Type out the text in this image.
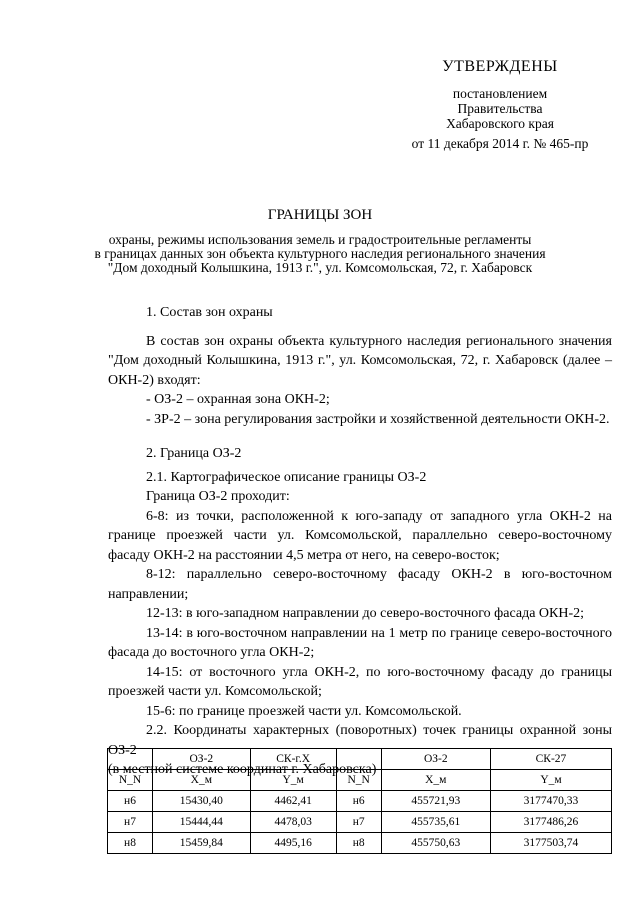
УТВЕРЖДЕНЫ
постановлением
Правительства
Хабаровского края
от 11 декабря 2014 г. № 465-пр
ГРАНИЦЫ ЗОН
охраны, режимы использования земель и градостроительные регламенты
в границах данных зон объекта культурного наследия регионального значения
"Дом доходный Колышкина, 1913 г.", ул. Комсомольская, 72, г. Хабаровск

1. Состав зон охраны

В состав зон охраны объекта культурного наследия регионального значения "Дом доходный Колышкина, 1913 г.", ул. Комсомольская, 72, г. Хабаровск (далее – ОКН-2) входят:

- ОЗ-2 – охранная зона ОКН-2;

- ЗР-2 – зона регулирования застройки и хозяйственной деятельности ОКН-2.

2. Граница ОЗ-2

2.1. Картографическое описание границы ОЗ-2

Граница ОЗ-2 проходит:

6-8: из точки, расположенной к юго-западу от западного угла ОКН-2 на границе проезжей части ул. Комсомольской, параллельно северо-восточному фасаду ОКН-2 на расстоянии 4,5 метра от него, на северо-восток;

8-12: параллельно северо-восточному фасаду ОКН-2 в юго-восточном направлении;

12-13: в юго-западном направлении до северо-восточного фасада ОКН-2;

13-14: в юго-восточном направлении на 1 метр по границе северо-восточного фасада до восточного угла ОКН-2;

14-15: от восточного угла ОКН-2, по юго-восточному фасаду до границы проезжей части ул. Комсомольской;

15-6: по границе проезжей части ул. Комсомольской.

2.2. Координаты характерных (поворотных) точек границы охранной зоны ОЗ-2

(в местной системе координат г. Хабаровска)

	ОЗ-2	СК-г.Х		ОЗ-2	СК-27
N_N	X_м	Y_м	N_N	X_м	Y_м
н6	15430,40	4462,41	н6	455721,93	3177470,33
н7	15444,44	4478,03	н7	455735,61	3177486,26
н8	15459,84	4495,16	н8	455750,63	3177503,74
